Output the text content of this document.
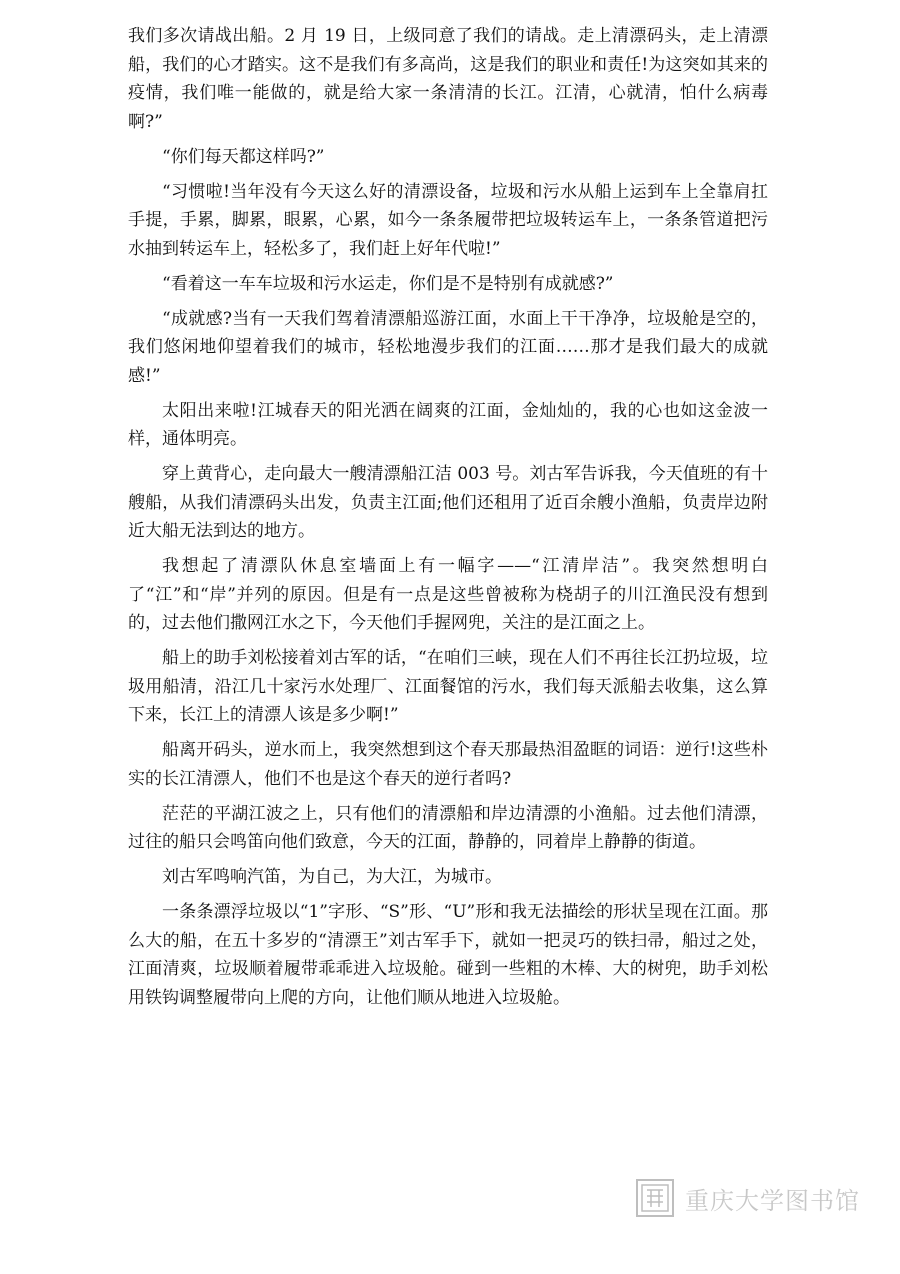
我们多次请战出船。2 月 19 日，上级同意了我们的请战。走上清漂码头，走上清漂船，我们的心才踏实。这不是我们有多高尚，这是我们的职业和责任!为这突如其来的疫情，我们唯一能做的，就是给大家一条清清的长江。江清，心就清，怕什么病毒啊?”

“你们每天都这样吗?”

“习惯啦!当年没有今天这么好的清漂设备，垃圾和污水从船上运到车上全靠肩扛手提，手累，脚累，眼累，心累，如今一条条履带把垃圾转运车上，一条条管道把污水抽到转运车上，轻松多了，我们赶上好年代啦!”

“看着这一车车垃圾和污水运走，你们是不是特别有成就感?”

“成就感?当有一天我们驾着清漂船巡游江面，水面上干干净净，垃圾舱是空的，我们悠闲地仰望着我们的城市，轻松地漫步我们的江面……那才是我们最大的成就感!”

太阳出来啦!江城春天的阳光洒在阔爽的江面，金灿灿的，我的心也如这金波一样，通体明亮。

穿上黄背心，走向最大一艘清漂船江洁 003 号。刘古军告诉我，今天值班的有十艘船，从我们清漂码头出发，负责主江面;他们还租用了近百余艘小渔船，负责岸边附近大船无法到达的地方。

我想起了清漂队休息室墙面上有一幅字——“江清岸洁”。我突然想明白了“江”和“岸”并列的原因。但是有一点是这些曾被称为桡胡子的川江渔民没有想到的，过去他们撒网江水之下，今天他们手握网兜，关注的是江面之上。

船上的助手刘松接着刘古军的话，“在咱们三峡，现在人们不再往长江扔垃圾，垃圾用船清，沿江几十家污水处理厂、江面餐馆的污水，我们每天派船去收集，这么算下来，长江上的清漂人该是多少啊!”

船离开码头，逆水而上，我突然想到这个春天那最热泪盈眶的词语：逆行!这些朴实的长江清漂人，他们不也是这个春天的逆行者吗?

茫茫的平湖江波之上，只有他们的清漂船和岸边清漂的小渔船。过去他们清漂，过往的船只会鸣笛向他们致意，今天的江面，静静的，同着岸上静静的街道。

刘古军鸣响汽笛，为自己，为大江，为城市。

一条条漂浮垃圾以“1”字形、“S”形、“U”形和我无法描绘的形状呈现在江面。那么大的船，在五十多岁的“清漂王”刘古军手下，就如一把灵巧的铁扫帚，船过之处，江面清爽，垃圾顺着履带乖乖进入垃圾舱。碰到一些粗的木棒、大的树兜，助手刘松用铁钩调整履带向上爬的方向，让他们顺从地进入垃圾舱。

重庆大学图书馆
